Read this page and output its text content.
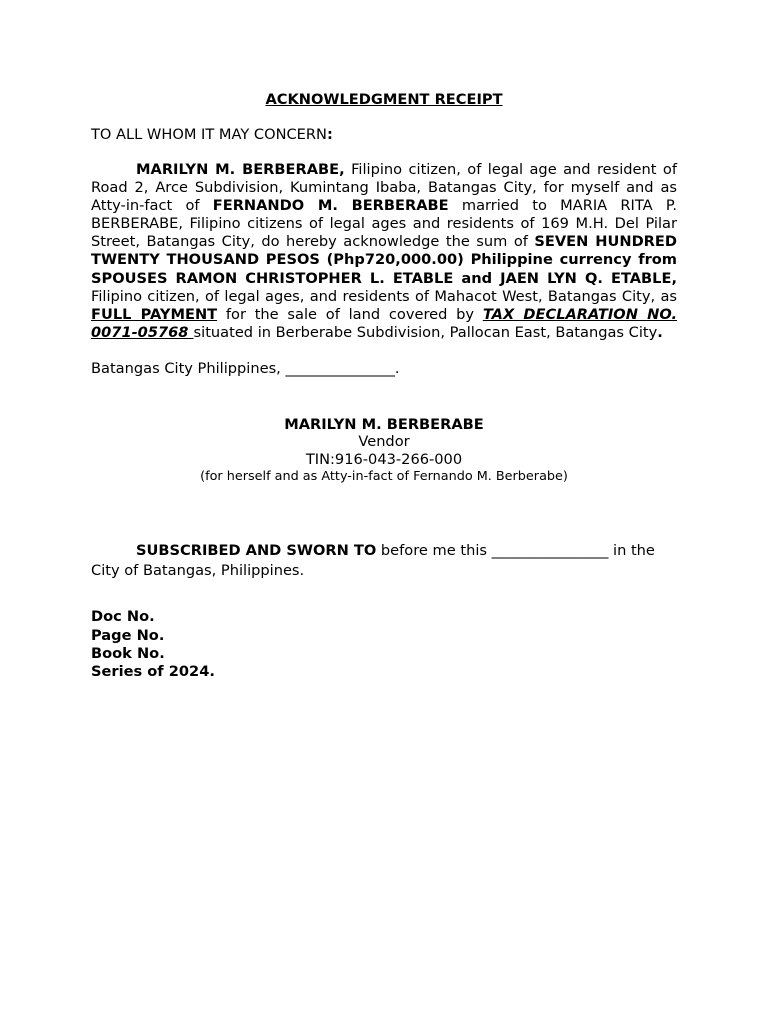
ACKNOWLEDGMENT RECEIPT
TO ALL WHOM IT MAY CONCERN:

MARILYN M. BERBERABE, Filipino citizen, of legal age and resident of Road 2, Arce Subdivision, Kumintang Ibaba, Batangas City, for myself and as Atty-in-fact of FERNANDO M. BERBERABE married to MARIA RITA P. BERBERABE, Filipino citizens of legal ages and residents of 169 M.H. Del Pilar Street, Batangas City, do hereby acknowledge the sum of SEVEN HUNDRED TWENTY THOUSAND PESOS (Php720,000.00) Philippine currency from SPOUSES RAMON CHRISTOPHER L. ETABLE and JAEN LYN Q. ETABLE, Filipino citizen, of legal ages, and residents of Mahacot West, Batangas City, as FULL PAYMENT for the sale of land covered by TAX DECLARATION NO. 0071-05768 situated in Berberabe Subdivision, Pallocan East, Batangas City.

Batangas City Philippines, _______________.
MARILYN M. BERBERABE
Vendor
TIN:916-043-266-000
(for herself and as Atty-in-fact of Fernando M. Berberabe)
SUBSCRIBED AND SWORN TO before me this ________________ in the City of Batangas, Philippines.
Doc No.
Page No.
Book No.
Series of 2024.
